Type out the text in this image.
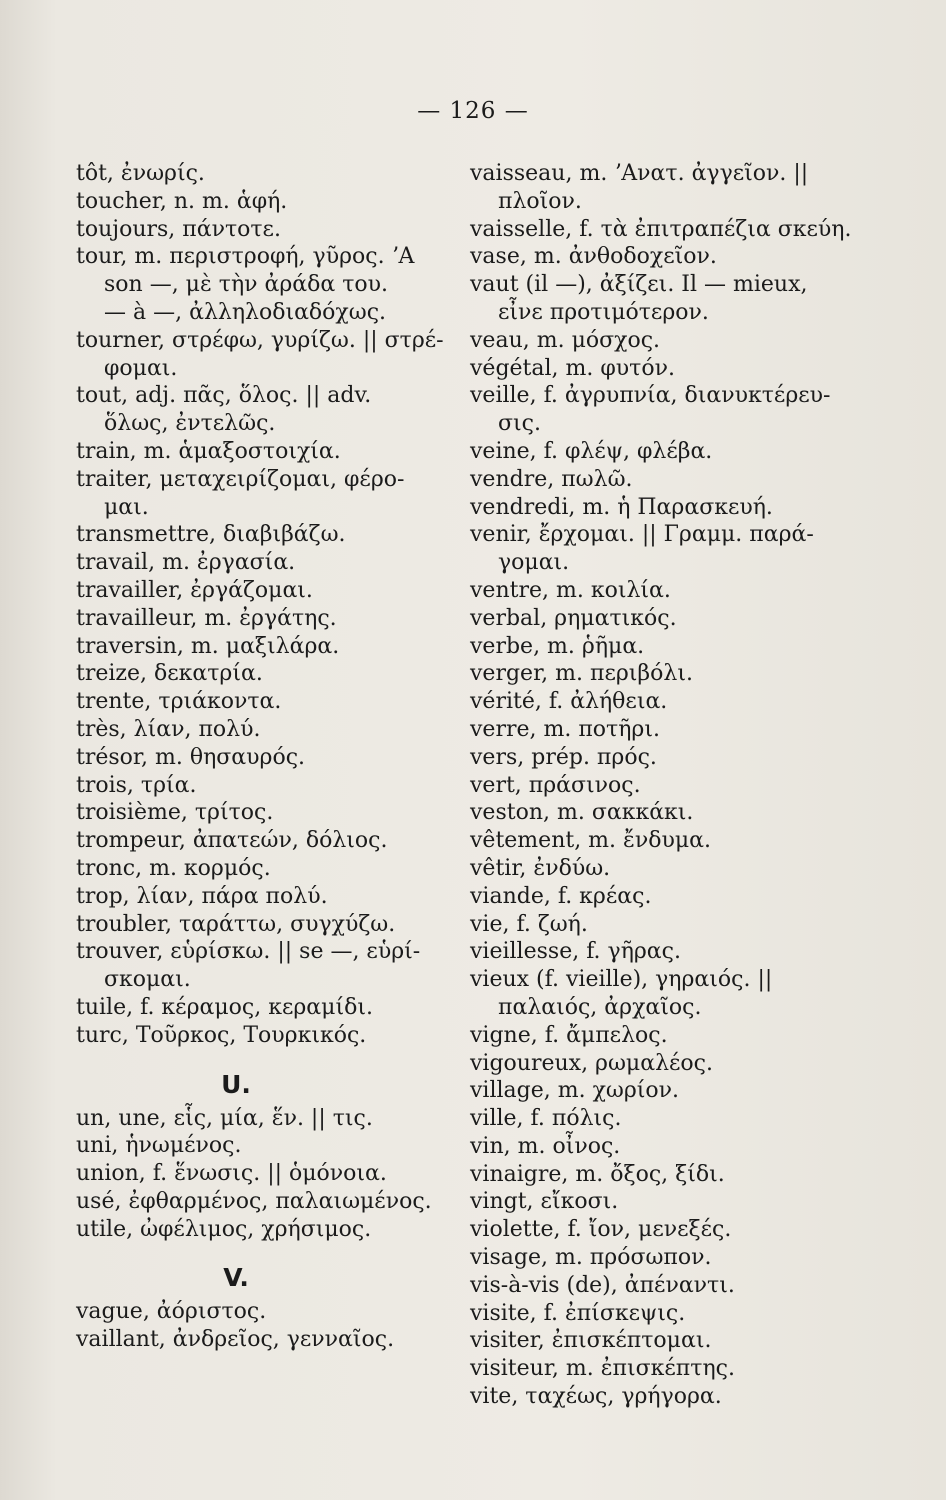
— 126 —
tôt, ἐνωρίς.
toucher, n. m. ἁφή.
toujours, πάντοτε.
tour, m. περιστροφή, γῦρος. ʼA
son —, μὲ τὴν ἀράδα του.
— à —, ἀλληλοδιαδόχως.
tourner, στρέφω, γυρίζω. || στρέ-
φομαι.
tout, adj. πᾶς, ὅλος. || adv.
ὅλως, ἐντελῶς.
train, m. ἁμαξοστοιχία.
traiter, μεταχειρίζομαι, φέρο-
μαι.
transmettre, διαβιβάζω.
travail, m. ἐργασία.
travailler, ἐργάζομαι.
travailleur, m. ἐργάτης.
traversin, m. μαξιλάρα.
treize, δεκατρία.
trente, τριάκοντα.
très, λίαν, πολύ.
trésor, m. θησαυρός.
trois, τρία.
troisième, τρίτος.
trompeur, ἀπατεών, δόλιος.
tronc, m. κορμός.
trop, λίαν, πάρα πολύ.
troubler, ταράττω, συγχύζω.
trouver, εὑρίσκω. || se —, εὑρί-
σκομαι.
tuile, f. κέραμος, κεραμίδι.
turc, Τοῦρκος, Τουρκικός.
U.
un, une, εἷς, μία, ἕν. || τις.
uni, ἡνωμένος.
union, f. ἕνωσις. || ὁμόνοια.
usé, ἐφθαρμένος, παλαιωμένος.
utile, ὠφέλιμος, χρήσιμος.
V.
vague, ἀόριστος.
vaillant, ἀνδρεῖος, γενναῖος.
vaisseau, m. ʼΑνατ. ἀγγεῖον. ||
πλοῖον.
vaisselle, f. τὰ ἐπιτραπέζια σκεύη.
vase, m. ἀνθοδοχεῖον.
vaut (il —), ἀξίζει. Il — mieux,
εἶνε προτιμότερον.
veau, m. μόσχος.
végétal, m. φυτόν.
veille, f. ἀγρυπνία, διανυκτέρευ-
σις.
veine, f. φλέψ, φλέβα.
vendre, πωλῶ.
vendredi, m. ἡ Παρασκευή.
venir, ἔρχομαι. || Γραμμ. παρά-
γομαι.
ventre, m. κοιλία.
verbal, ρηματικός.
verbe, m. ῥῆμα.
verger, m. περιβόλι.
vérité, f. ἀλήθεια.
verre, m. ποτῆρι.
vers, prép. πρός.
vert, πράσινος.
veston, m. σακκάκι.
vêtement, m. ἔνδυμα.
vêtir, ἐνδύω.
viande, f. κρέας.
vie, f. ζωή.
vieillesse, f. γῆρας.
vieux (f. vieille), γηραιός. ||
παλαιός, ἀρχαῖος.
vigne, f. ἄμπελος.
vigoureux, ρωμαλέος.
village, m. χωρίον.
ville, f. πόλις.
vin, m. οἶνος.
vinaigre, m. ὄξος, ξίδι.
vingt, εἴκοσι.
violette, f. ἴον, μενεξές.
visage, m. πρόσωπον.
vis-à-vis (de), ἀπέναντι.
visite, f. ἐπίσκεψις.
visiter, ἐπισκέπτομαι.
visiteur, m. ἐπισκέπτης.
vite, ταχέως, γρήγορα.
